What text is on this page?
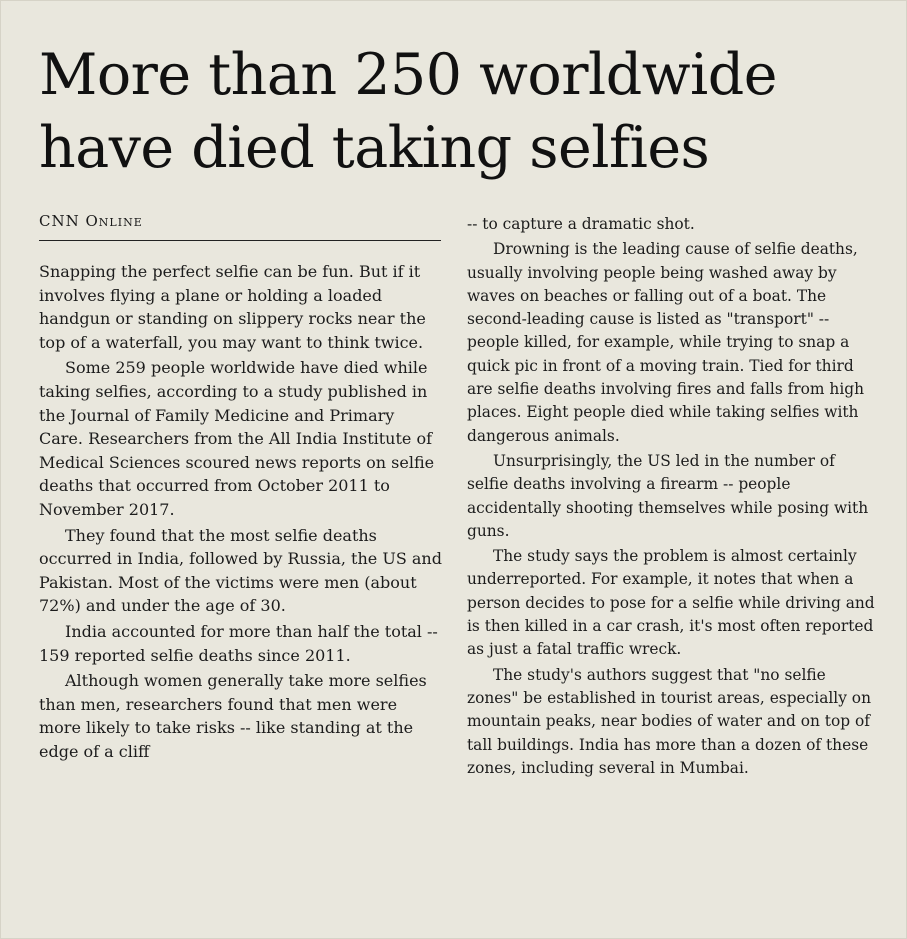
More than 250 worldwide have died taking selfies
CNN Online

Snapping the perfect selfie can be fun. But if it involves flying a plane or holding a loaded handgun or standing on slippery rocks near the top of a waterfall, you may want to think twice.

Some 259 people worldwide have died while taking selfies, according to a study published in the Journal of Family Medicine and Primary Care. Researchers from the All India Institute of Medical Sciences scoured news reports on selfie deaths that occurred from October 2011 to November 2017.

They found that the most selfie deaths occurred in India, followed by Russia, the US and Pakistan. Most of the victims were men (about 72%) and under the age of 30.

India accounted for more than half the total -- 159 reported selfie deaths since 2011.

Although women generally take more selfies than men, researchers found that men were more likely to take risks -- like standing at the edge of a cliff

-- to capture a dramatic shot.

Drowning is the leading cause of selfie deaths, usually involving people being washed away by waves on beaches or falling out of a boat. The second-leading cause is listed as "transport" -- people killed, for example, while trying to snap a quick pic in front of a moving train. Tied for third are selfie deaths involving fires and falls from high places. Eight people died while taking selfies with dangerous animals.

Unsurprisingly, the US led in the number of selfie deaths involving a firearm -- people accidentally shooting themselves while posing with guns.

The study says the problem is almost certainly underreported. For example, it notes that when a person decides to pose for a selfie while driving and is then killed in a car crash, it's most often reported as just a fatal traffic wreck.

The study's authors suggest that "no selfie zones" be established in tourist areas, especially on mountain peaks, near bodies of water and on top of tall buildings. India has more than a dozen of these zones, including several in Mumbai.
